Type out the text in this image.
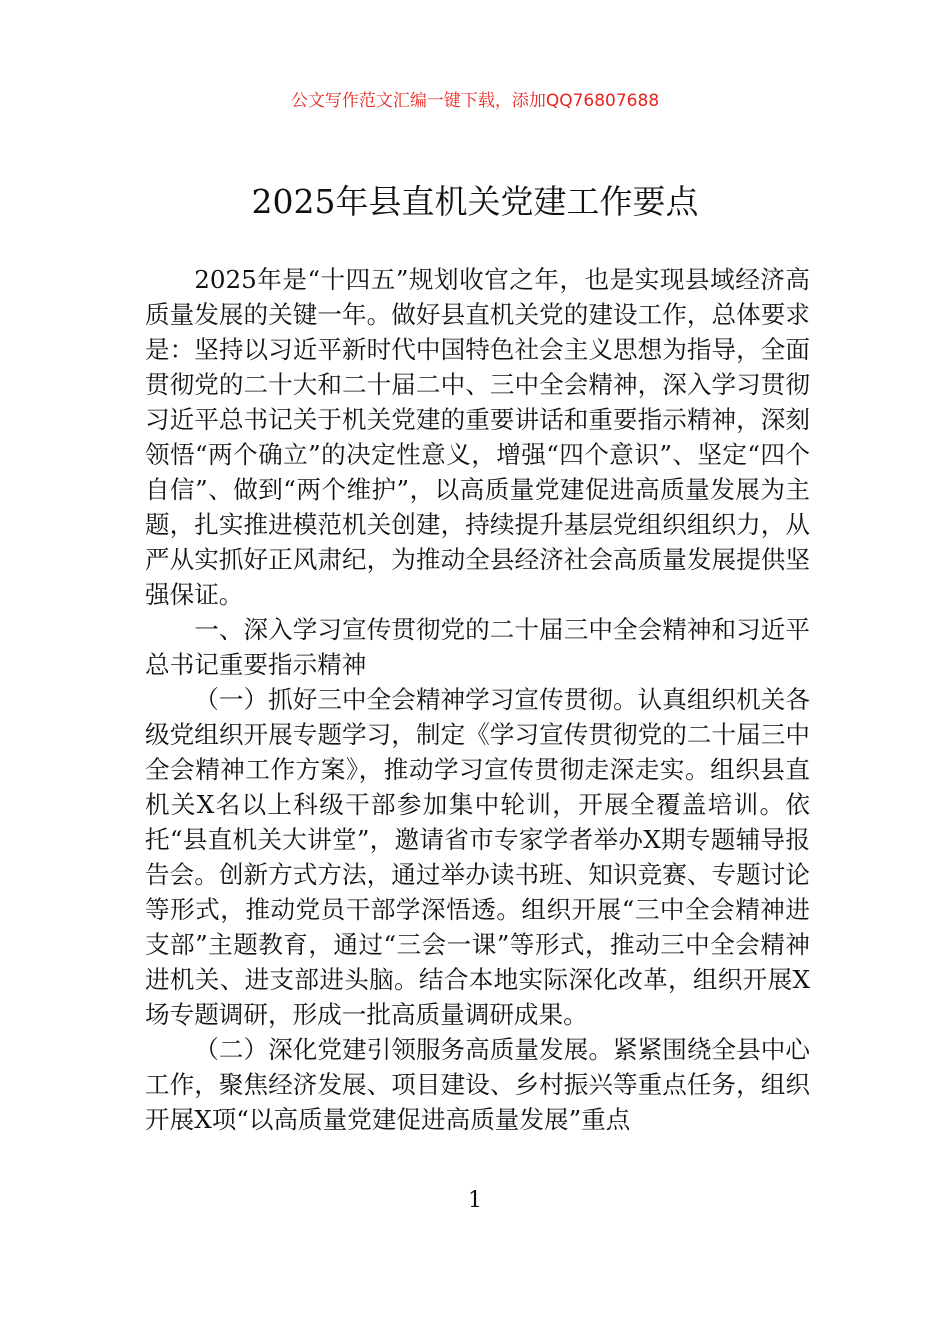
公文写作范文汇编一键下载，添加QQ76807688
2025年县直机关党建工作要点

2025年是“十四五”规划收官之年，也是实现县域经济高质量发展的关键一年。做好县直机关党的建设工作，总体要求是：坚持以习近平新时代中国特色社会主义思想为指导，全面贯彻党的二十大和二十届二中、三中全会精神，深入学习贯彻习近平总书记关于机关党建的重要讲话和重要指示精神，深刻领悟“两个确立”的决定性意义，增强“四个意识”、坚定“四个自信”、做到“两个维护”，以高质量党建促进高质量发展为主题，扎实推进模范机关创建，持续提升基层党组织组织力，从严从实抓好正风肃纪，为推动全县经济社会高质量发展提供坚强保证。

一、深入学习宣传贯彻党的二十届三中全会精神和习近平总书记重要指示精神

（一）抓好三中全会精神学习宣传贯彻。认真组织机关各级党组织开展专题学习，制定《学习宣传贯彻党的二十届三中全会精神工作方案》，推动学习宣传贯彻走深走实。组织县直机关X名以上科级干部参加集中轮训，开展全覆盖培训。依托“县直机关大讲堂”，邀请省市专家学者举办X期专题辅导报告会。创新方式方法，通过举办读书班、知识竞赛、专题讨论等形式，推动党员干部学深悟透。组织开展“三中全会精神进支部”主题教育，通过“三会一课”等形式，推动三中全会精神进机关、进支部进头脑。结合本地实际深化改革，组织开展X场专题调研，形成一批高质量调研成果。

（二）深化党建引领服务高质量发展。紧紧围绕全县中心工作，聚焦经济发展、项目建设、乡村振兴等重点任务，组织开展X项“以高质量党建促进高质量发展”重点

1
